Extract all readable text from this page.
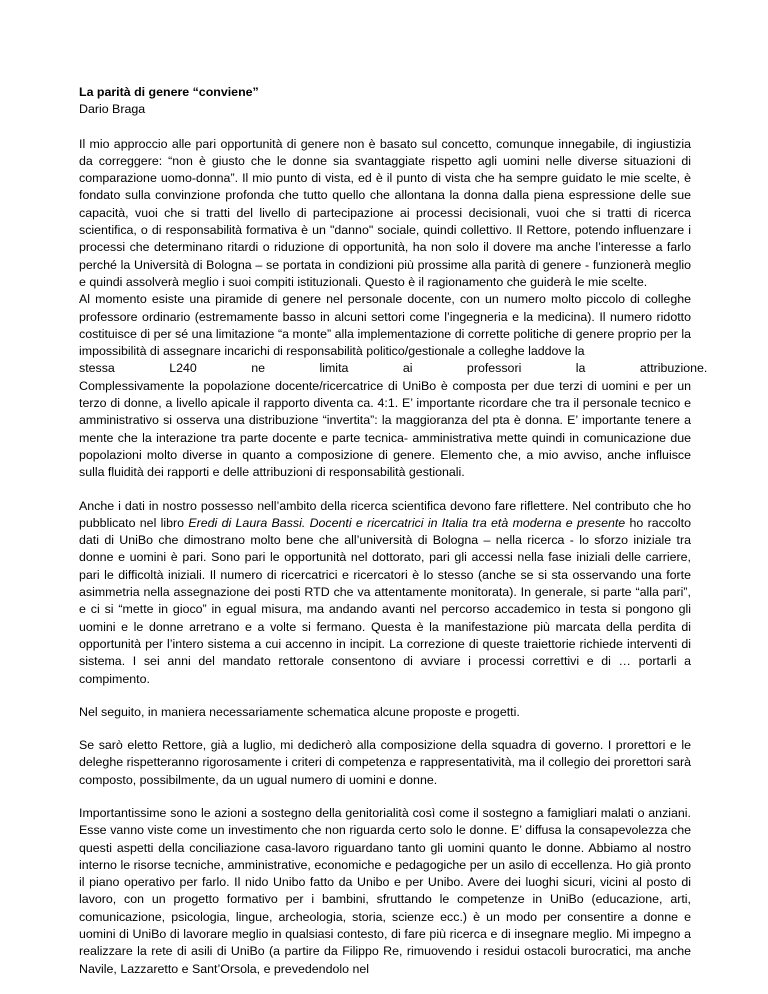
La parità di genere “conviene”
Dario Braga

Il mio approccio alle pari opportunità di genere non è basato sul concetto, comunque innegabile, di ingiustizia da correggere: “non è giusto che le donne sia svantaggiate rispetto agli uomini nelle diverse situazioni di comparazione uomo-donna”. Il mio punto di vista, ed è il punto di vista che ha sempre guidato le mie scelte, è fondato sulla convinzione profonda che tutto quello che allontana la donna dalla piena espressione delle sue capacità, vuoi che si tratti del livello di partecipazione ai processi decisionali, vuoi che si tratti di ricerca scientifica, o di responsabilità formativa è un "danno" sociale, quindi collettivo. Il Rettore, potendo influenzare i processi che determinano ritardi o riduzione di opportunità, ha non solo il dovere ma anche l’interesse a farlo perché la Università di Bologna – se portata in condizioni più prossime alla parità di genere - funzionerà meglio e quindi assolverà meglio i suoi compiti istituzionali. Questo è il ragionamento che guiderà le mie scelte.

Al momento esiste una piramide di genere nel personale docente, con un numero molto piccolo di colleghe professore ordinario (estremamente basso in alcuni settori come l’ingegneria e la medicina). Il numero ridotto costituisce di per sé una limitazione “a monte” alla implementazione di corrette politiche di genere proprio per la impossibilità di assegnare incarichi di responsabilità politico/gestionale a colleghe laddove la

stessa L240 ne limita ai professori la attribuzione.

Complessivamente la popolazione docente/ricercatrice di UniBo è composta per due terzi di uomini e per un terzo di donne, a livello apicale il rapporto diventa ca. 4:1. E’ importante ricordare che tra il personale tecnico e amministrativo si osserva una distribuzione “invertita”: la maggioranza del pta è donna. E’ importante tenere a mente che la interazione tra parte docente e parte tecnica- amministrativa mette quindi in comunicazione due popolazioni molto diverse in quanto a composizione di genere. Elemento che, a mio avviso, anche influisce sulla fluidità dei rapporti e delle attribuzioni di responsabilità gestionali.

Anche i dati in nostro possesso nell’ambito della ricerca scientifica devono fare riflettere. Nel contributo che ho pubblicato nel libro Eredi di Laura Bassi. Docenti e ricercatrici in Italia tra età moderna e presente ho raccolto dati di UniBo che dimostrano molto bene che all’università di Bologna – nella ricerca - lo sforzo iniziale tra donne e uomini è pari. Sono pari le opportunità nel dottorato, pari gli accessi nella fase iniziali delle carriere, pari le difficoltà iniziali. Il numero di ricercatrici e ricercatori è lo stesso (anche se si sta osservando una forte asimmetria nella assegnazione dei posti RTD che va attentamente monitorata). In generale, si parte “alla pari”, e ci si “mette in gioco” in egual misura, ma andando avanti nel percorso accademico in testa si pongono gli uomini e le donne arretrano e a volte si fermano. Questa è la manifestazione più marcata della perdita di opportunità per l’intero sistema a cui accenno in incipit. La correzione di queste traiettorie richiede interventi di sistema. I sei anni del mandato rettorale consentono di avviare i processi correttivi e di … portarli a compimento.

Nel seguito, in maniera necessariamente schematica alcune proposte e progetti.

Se sarò eletto Rettore, già a luglio, mi dedicherò alla composizione della squadra di governo. I prorettori e le deleghe rispetteranno rigorosamente i criteri di competenza e rappresentatività, ma il collegio dei prorettori sarà composto, possibilmente, da un ugual numero di uomini e donne.

Importantissime sono le azioni a sostegno della genitorialità così come il sostegno a famigliari malati o anziani. Esse vanno viste come un investimento che non riguarda certo solo le donne. E’ diffusa la consapevolezza che questi aspetti della conciliazione casa-lavoro riguardano tanto gli uomini quanto le donne. Abbiamo al nostro interno le risorse tecniche, amministrative, economiche e pedagogiche per un asilo di eccellenza. Ho già pronto il piano operativo per farlo. Il nido Unibo fatto da Unibo e per Unibo. Avere dei luoghi sicuri, vicini al posto di lavoro, con un progetto formativo per i bambini, sfruttando le competenze in UniBo (educazione, arti, comunicazione, psicologia, lingue, archeologia, storia, scienze ecc.) è un modo per consentire a donne e uomini di UniBo di lavorare meglio in qualsiasi contesto, di fare più ricerca e di insegnare meglio. Mi impegno a realizzare la rete di asili di UniBo (a partire da Filippo Re, rimuovendo i residui ostacoli burocratici, ma anche Navile, Lazzaretto e Sant’Orsola, e prevedendolo nel
